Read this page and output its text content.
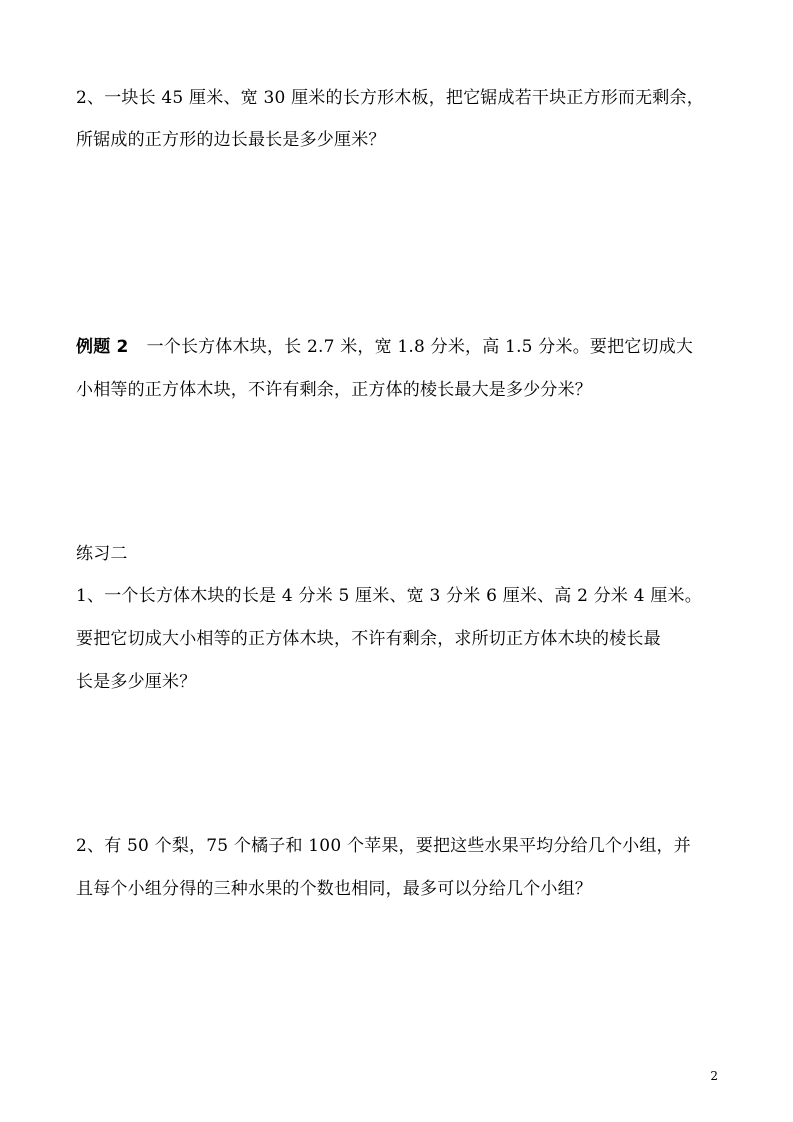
2、一块长 45 厘米、宽 30 厘米的长方形木板，把它锯成若干块正方形而无剩余，
所锯成的正方形的边长最长是多少厘米？
例题 2 一个长方体木块，长 2.7 米，宽 1.8 分米，高 1.5 分米。要把它切成大
小相等的正方体木块，不许有剩余，正方体的棱长最大是多少分米？
练习二
1、一个长方体木块的长是 4 分米 5 厘米、宽 3 分米 6 厘米、高 2 分米 4 厘米。
要把它切成大小相等的正方体木块，不许有剩余，求所切正方体木块的棱长最
长是多少厘米？
2、有 50 个梨，75 个橘子和 100 个苹果，要把这些水果平均分给几个小组，并
且每个小组分得的三种水果的个数也相同，最多可以分给几个小组？
2
